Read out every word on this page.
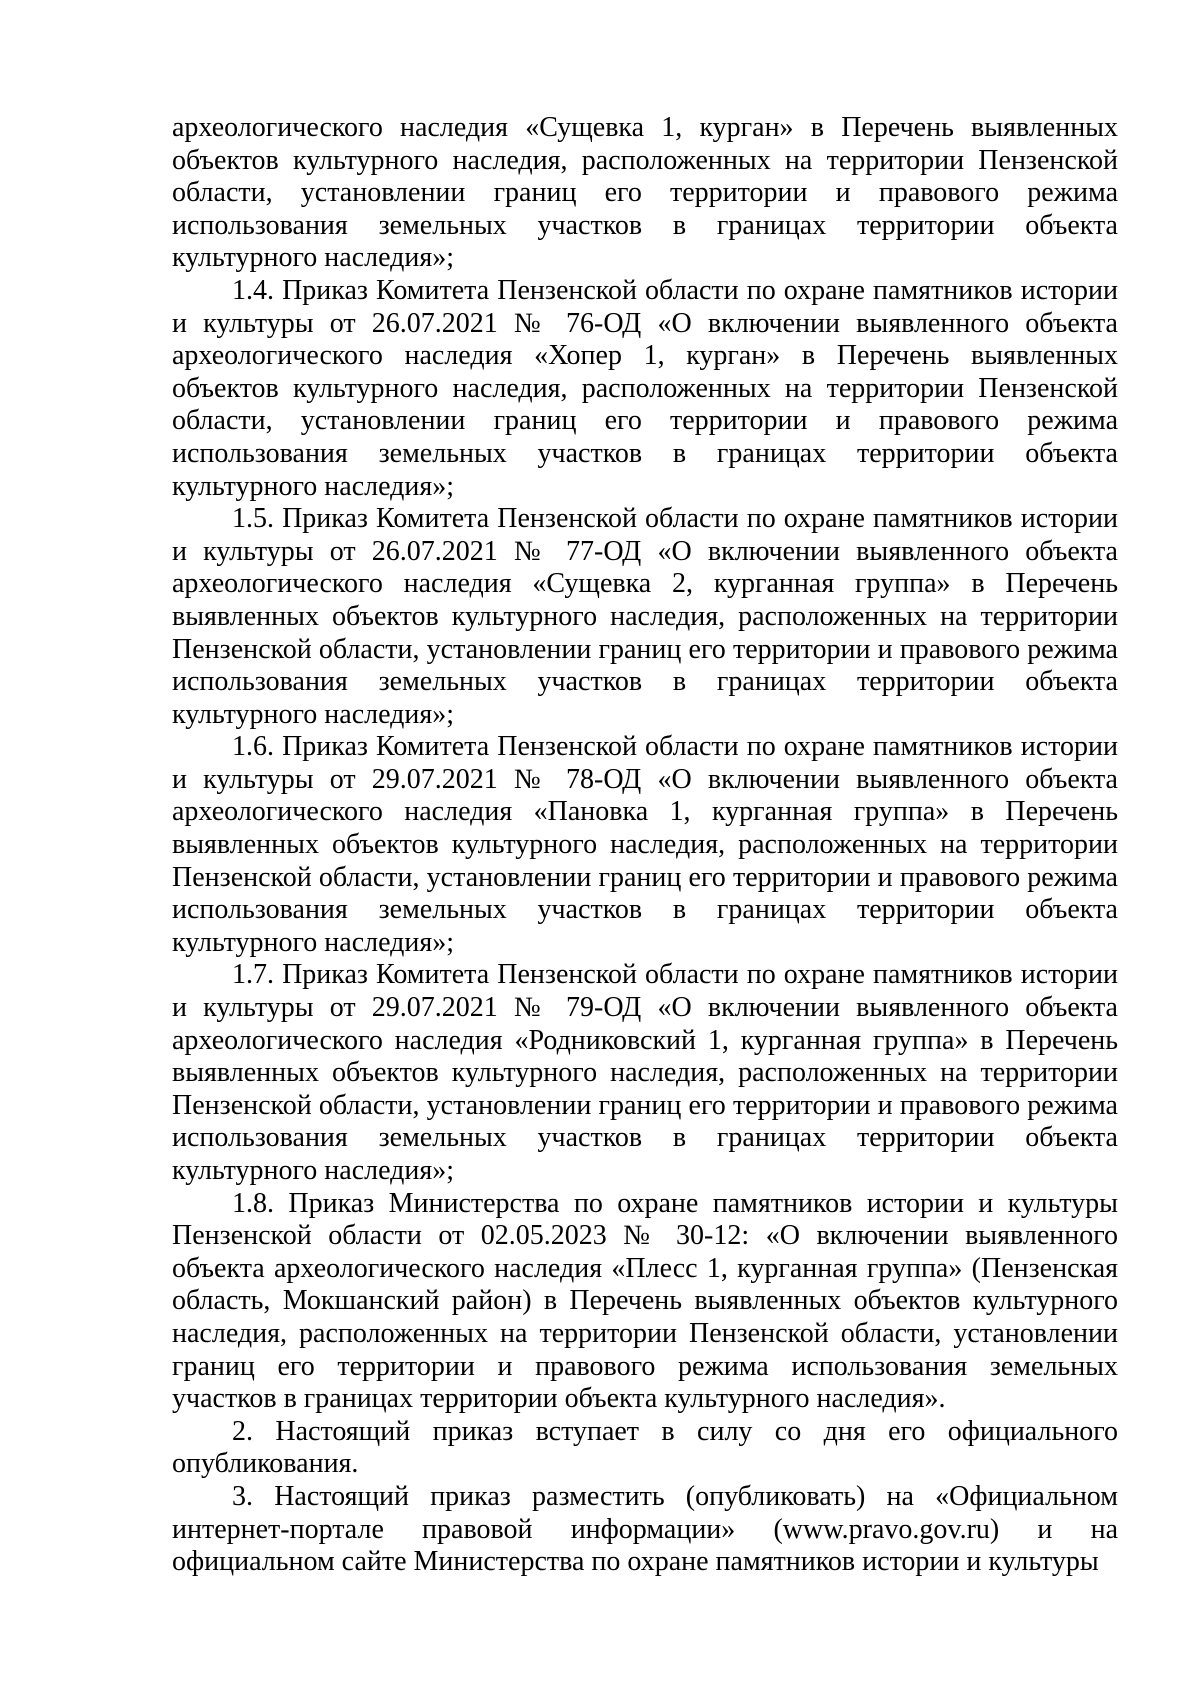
археологического наследия «Сущевка 1, курган» в Перечень выявленных объектов культурного наследия, расположенных на территории Пензенской области, установлении границ его территории и правового режима использования земельных участков в границах территории объекта культурного наследия»;

1.4. Приказ Комитета Пензенской области по охране памятников истории и культуры от 26.07.2021 № 76-ОД «О включении выявленного объекта археологического наследия «Хопер 1, курган» в Перечень выявленных объектов культурного наследия, расположенных на территории Пензенской области, установлении границ его территории и правового режима использования земельных участков в границах территории объекта культурного наследия»;

1.5. Приказ Комитета Пензенской области по охране памятников истории и культуры от 26.07.2021 № 77-ОД «О включении выявленного объекта археологического наследия «Сущевка 2, курганная группа» в Перечень выявленных объектов культурного наследия, расположенных на территории Пензенской области, установлении границ его территории и правового режима использования земельных участков в границах территории объекта культурного наследия»;

1.6. Приказ Комитета Пензенской области по охране памятников истории и культуры от 29.07.2021 № 78-ОД «О включении выявленного объекта археологического наследия «Пановка 1, курганная группа» в Перечень выявленных объектов культурного наследия, расположенных на территории Пензенской области, установлении границ его территории и правового режима использования земельных участков в границах территории объекта культурного наследия»;

1.7. Приказ Комитета Пензенской области по охране памятников истории и культуры от 29.07.2021 № 79-ОД «О включении выявленного объекта археологического наследия «Родниковский 1, курганная группа» в Перечень выявленных объектов культурного наследия, расположенных на территории Пензенской области, установлении границ его территории и правового режима использования земельных участков в границах территории объекта культурного наследия»;

1.8. Приказ Министерства по охране памятников истории и культуры Пензенской области от 02.05.2023 № 30-12: «О включении выявленного объекта археологического наследия «Плесс 1, курганная группа» (Пензенская область, Мокшанский район) в Перечень выявленных объектов культурного наследия, расположенных на территории Пензенской области, установлении границ его территории и правового режима использования земельных участков в границах территории объекта культурного наследия».

2. Настоящий приказ вступает в силу со дня его официального опубликования.

3. Настоящий приказ разместить (опубликовать) на «Официальном интернет-портале правовой информации» (www.pravo.gov.ru) и на официальном сайте Министерства по охране памятников истории и культуры
